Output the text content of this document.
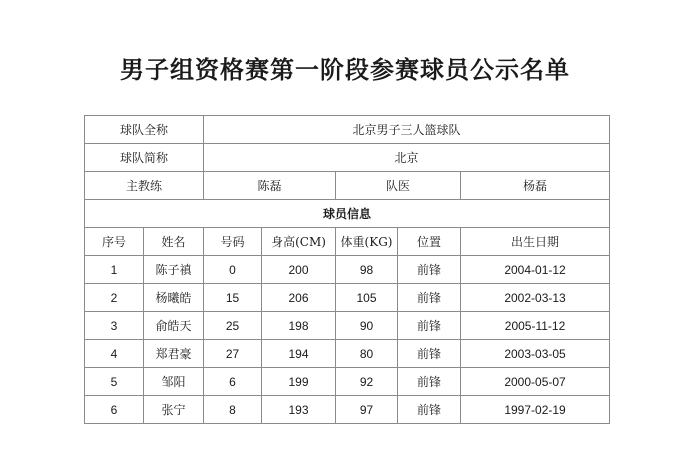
男子组资格赛第一阶段参赛球员公示名单
球队全称		北京男子三人篮球队				
球队简称		北京				
主教练		陈磊		队医		杨磊
球员信息						
序号	姓名	号码	身高(CM)	体重(KG)	位置	出生日期
1	陈子禛	0	200	98	前锋	2004-01-12
2	杨曦皓	15	206	105	前锋	2002-03-13
3	俞皓天	25	198	90	前锋	2005-11-12
4	郑君豪	27	194	80	前锋	2003-03-05
5	邹阳	6	199	92	前锋	2000-05-07
6	张宁	8	193	97	前锋	1997-02-19
